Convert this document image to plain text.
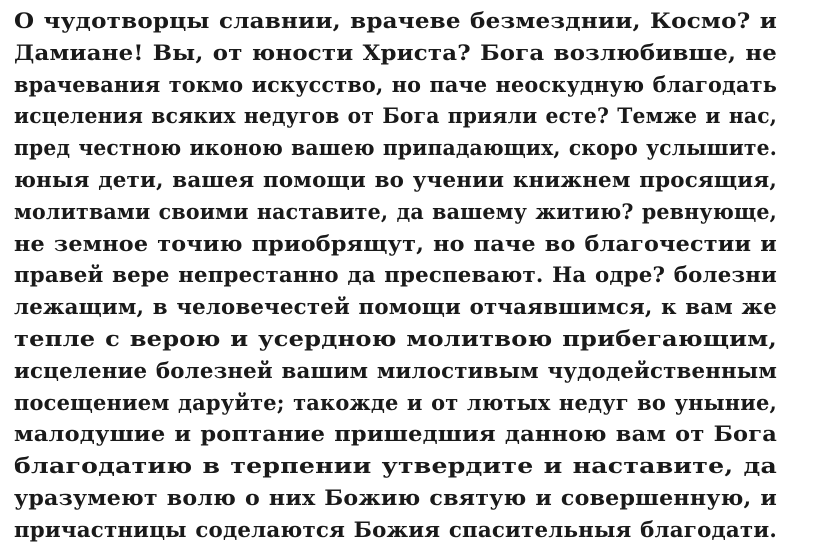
О чудотворцы славнии, врачеве безмезднии, Космо? и
Дамиане! Вы, от юности Христа? Бога возлюбивше, не
врачевания токмо искусство, но паче неоскудную благодать
исцеления всяких недугов от Бога прияли есте? Темже и нас,
пред честною иконою вашею припадающих, скоро услышите.
юныя дети, вашея помощи во учении книжнем просящия,
молитвами своими наставите, да вашему житию? ревнующе,
не земное точию приобрящут, но паче во благочестии и
правей вере непрестанно да преспевают. На одре? болезни
лежащим, в человечестей помощи отчаявшимся, к вам же
тепле с верою и усердною молитвою прибегающим,
исцеление болезней вашим милостивым чудодейственным
посещением даруйте; такожде и от лютых недуг во уныние,
малодушие и роптание пришедшия данною вам от Бога
благодатию в терпении утвердите и наставите, да
уразумеют волю о них Божию святую и совершенную, и
причастницы соделаются Божия спасительныя благодати.
